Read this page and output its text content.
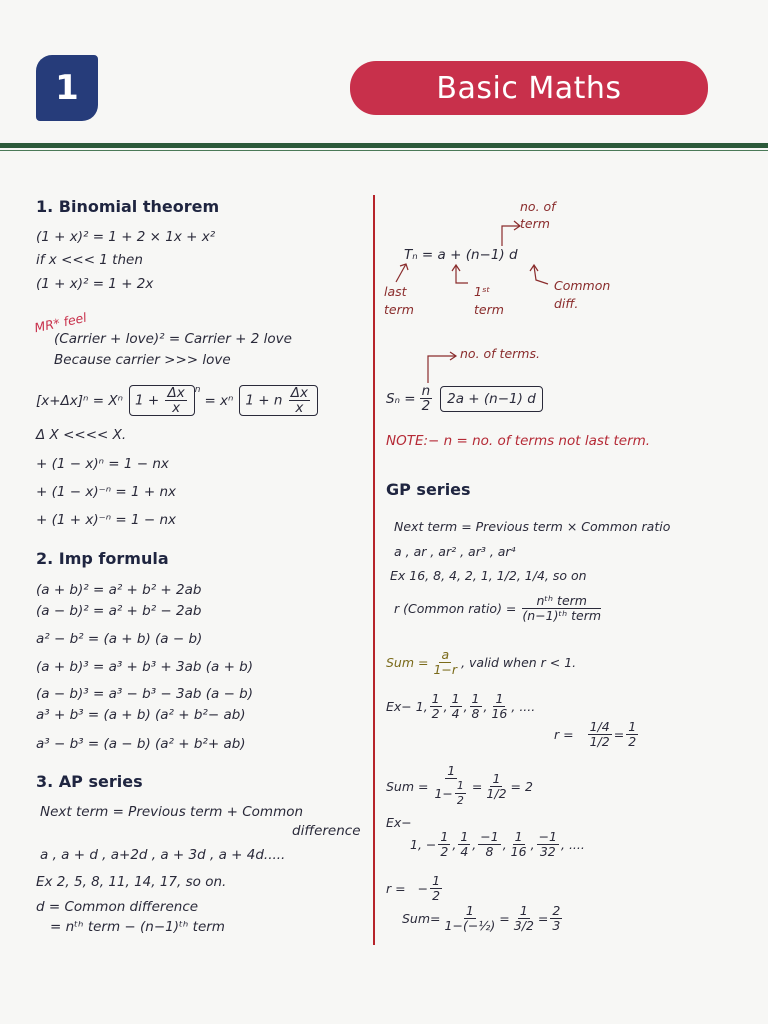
1	Basic Maths
1. Binomial theorem
(1 + x)² = 1 + 2 × 1x + x²
if x <<< 1 then
(1 + x)² = 1 + 2x
MR* feel
(Carrier + love)² = Carrier + 2 love
Because carrier >>> love
[x+Δx]ⁿ = Xⁿ $1 + \frac{\Delta x}{x} ^n$
= xⁿ 1 + n $\frac{\Delta x}{x}$
Δ X <<<< X.
+ (1 − x)ⁿ = 1 − nx
+ (1 − x)⁻ⁿ = 1 + nx
+ (1 + x)⁻ⁿ = 1 − nx
2. Imp formula
(a + b)² = a² + b² + 2ab
(a − b)² = a² + b² − 2ab
a² − b² = (a + b) (a − b)
(a + b)³ = a³ + b³ + 3ab (a + b)
(a − b)³ = a³ − b³ − 3ab (a − b)
a³ + b³ = (a + b) (a² + b²− ab)
a³ − b³ = (a − b) (a² + b²+ ab)
3. AP series
Next term = Previous term + Common
difference
a , a + d , a+2d , a + 3d , a + 4d.....
Ex 2, 5, 8, 11, 14, 17, so on.
d = Common difference
= nᵗʰ term − (n−1)ᵗʰ term
no. of
term
Tₙ = a + (n−1) d
last
term
1ˢᵗ
term
Common
diff.
no. of terms.
$S_n = \frac{n}{2}$	2a + (n−1) d
NOTE:− n = no. of terms not last term.
GP series
Next term = Previous term × Common ratio
a , ar , ar² , ar³ , ar⁴
Ex 16, 8, 4, 2, 1, 1/2, 1/4, so on
r (Common ratio) = $\frac{\text{nᵗʰ term}}{\text{(n−1)ᵗʰ term}}$
Sum = $\frac{a}{1-r}$ , valid when r < 1.
Ex− 1, $\frac{1}{2}$ , $\frac{1}{4}$ , $\frac{1}{8}$ , $\frac{1}{16}$ , ....
$r = \frac{1/4}{1/2} = \frac{1}{2}$
Sum = $\frac{1}{1- \frac{1}{2}} = \frac{1}{1/2} = 2$
Ex−
1, − $\frac{1}{2}$ , $\frac{1}{4}$ , $\frac{-1}{8}$ , $\frac{1}{16}$ , $\frac{-1}{32}$ , ....
r = − $\frac{1}{2}$
$Sum= \frac{1}{\text{1−(−½)}} = \frac{1}{3/2} = \frac{2}{3}$
